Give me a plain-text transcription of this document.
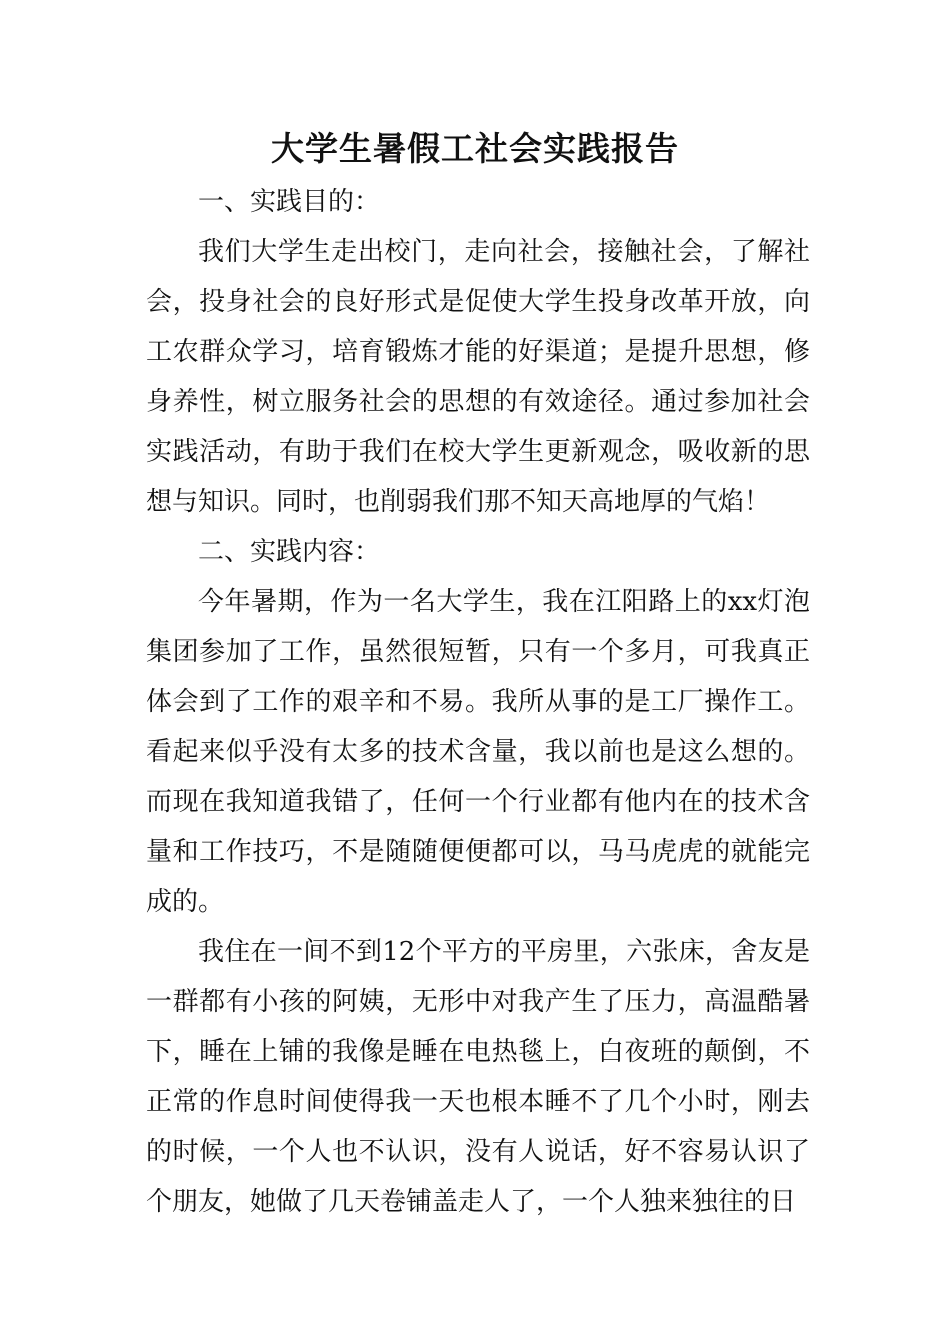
大学生暑假工社会实践报告

一、实践目的：

我们大学生走出校门，走向社会，接触社会，了解社会，投身社会的良好形式是促使大学生投身改革开放，向工农群众学习，培育锻炼才能的好渠道；是提升思想，修身养性，树立服务社会的思想的有效途径。通过参加社会实践活动，有助于我们在校大学生更新观念，吸收新的思想与知识。同时，也削弱我们那不知天高地厚的气焰！

二、实践内容：

今年暑期，作为一名大学生，我在江阳路上的xx灯泡集团参加了工作，虽然很短暂，只有一个多月，可我真正体会到了工作的艰辛和不易。我所从事的是工厂操作工。看起来似乎没有太多的技术含量，我以前也是这么想的。而现在我知道我错了，任何一个行业都有他内在的技术含量和工作技巧，不是随随便便都可以，马马虎虎的就能完成的。

我住在一间不到12个平方的平房里，六张床，舍友是一群都有小孩的阿姨，无形中对我产生了压力，高温酷暑下，睡在上铺的我像是睡在电热毯上，白夜班的颠倒，不正常的作息时间使得我一天也根本睡不了几个小时，刚去的时候，一个人也不认识，没有人说话，好不容易认识了个朋友，她做了几天卷铺盖走人了，一个人独来独往的日
